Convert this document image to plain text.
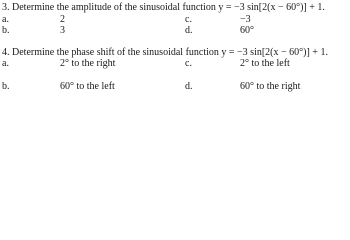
3. Determine the amplitude of the sinusoidal function y = −3 sin[2(x − 60°)] + 1.
a.	2	c.	−3
b.	3	d.	60°
4. Determine the phase shift of the sinusoidal function y = −3 sin[2(x − 60°)] + 1.
a.	2° to the right	c.	2° to the left
b.	60° to the left	d.	60° to the right
